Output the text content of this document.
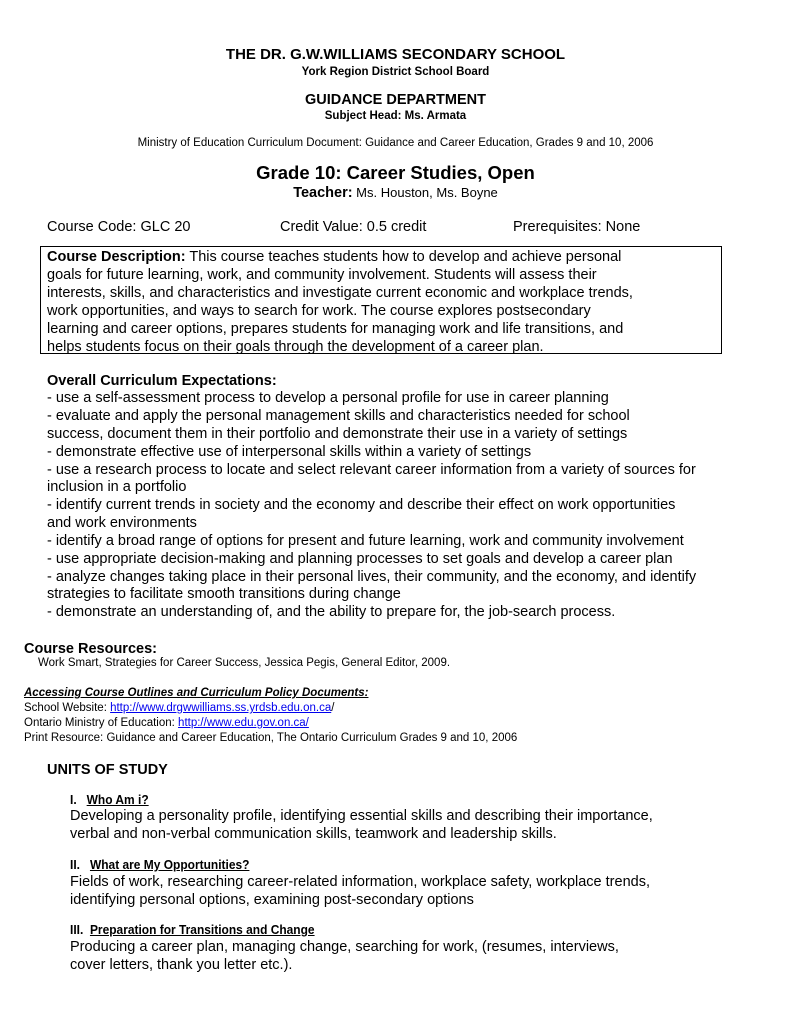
THE DR. G.W.WILLIAMS SECONDARY SCHOOL
York Region District School Board
GUIDANCE DEPARTMENT
Subject Head: Ms. Armata
Ministry of Education Curriculum Document: Guidance and Career Education, Grades 9 and 10, 2006
Grade 10: Career Studies, Open
Teacher: Ms. Houston, Ms. Boyne
Course Code: GLC 20	Credit Value: 0.5 credit	Prerequisites: None
Course Description: This course teaches students how to develop and achieve personal
goals for future learning, work, and community involvement. Students will assess their
interests, skills, and characteristics and investigate current economic and workplace trends,
work opportunities, and ways to search for work. The course explores postsecondary
learning and career options, prepares students for managing work and life transitions, and
helps students focus on their goals through the development of a career plan.
Overall Curriculum Expectations:
- use a self-assessment process to develop a personal profile for use in career planning
- evaluate and apply the personal management skills and characteristics needed for school
success, document them in their portfolio and demonstrate their use in a variety of settings
- demonstrate effective use of interpersonal skills within a variety of settings
- use a research process to locate and select relevant career information from a variety of sources for
inclusion in a portfolio
- identify current trends in society and the economy and describe their effect on work opportunities
and work environments
- identify a broad range of options for present and future learning, work and community involvement
- use appropriate decision-making and planning processes to set goals and develop a career plan
- analyze changes taking place in their personal lives, their community, and the economy, and identify
strategies to facilitate smooth transitions during change
- demonstrate an understanding of, and the ability to prepare for, the job-search process.
Course Resources:
Work Smart, Strategies for Career Success, Jessica Pegis, General Editor, 2009.
Accessing Course Outlines and Curriculum Policy Documents:
School Website: http://www.drgwwilliams.ss.yrdsb.edu.on.ca/
Ontario Ministry of Education: http://www.edu.gov.on.ca/
Print Resource: Guidance and Career Education, The Ontario Curriculum Grades 9 and 10, 2006
UNITS OF STUDY
I. Who Am i?
Developing a personality profile, identifying essential skills and describing their importance,
verbal and non-verbal communication skills, teamwork and leadership skills.
II. What are My Opportunities?
Fields of work, researching career-related information, workplace safety, workplace trends,
identifying personal options, examining post-secondary options
III. Preparation for Transitions and Change
Producing a career plan, managing change, searching for work, (resumes, interviews,
cover letters, thank you letter etc.).
